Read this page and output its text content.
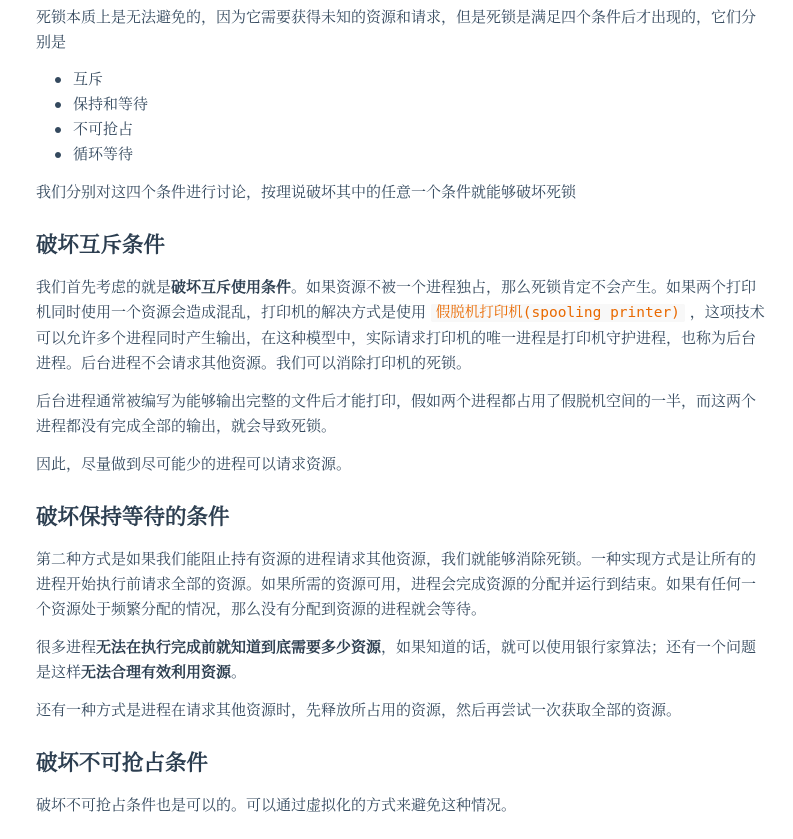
死锁本质上是无法避免的，因为它需要获得未知的资源和请求，但是死锁是满足四个条件后才出现的，它们分别是

互斥
保持和等待
不可抢占
循环等待

我们分别对这四个条件进行讨论，按理说破坏其中的任意一个条件就能够破坏死锁

破坏互斥条件

我们首先考虑的就是破坏互斥使用条件。如果资源不被一个进程独占，那么死锁肯定不会产生。如果两个打印机同时使用一个资源会造成混乱，打印机的解决方式是使用 假脱机打印机(spooling printer) ，这项技术可以允许多个进程同时产生输出，在这种模型中，实际请求打印机的唯一进程是打印机守护进程，也称为后台进程。后台进程不会请求其他资源。我们可以消除打印机的死锁。

后台进程通常被编写为能够输出完整的文件后才能打印，假如两个进程都占用了假脱机空间的一半，而这两个进程都没有完成全部的输出，就会导致死锁。

因此，尽量做到尽可能少的进程可以请求资源。

破坏保持等待的条件

第二种方式是如果我们能阻止持有资源的进程请求其他资源，我们就能够消除死锁。一种实现方式是让所有的进程开始执行前请求全部的资源。如果所需的资源可用，进程会完成资源的分配并运行到结束。如果有任何一个资源处于频繁分配的情况，那么没有分配到资源的进程就会等待。

很多进程无法在执行完成前就知道到底需要多少资源，如果知道的话，就可以使用银行家算法；还有一个问题是这样无法合理有效利用资源。

还有一种方式是进程在请求其他资源时，先释放所占用的资源，然后再尝试一次获取全部的资源。

破坏不可抢占条件

破坏不可抢占条件也是可以的。可以通过虚拟化的方式来避免这种情况。
